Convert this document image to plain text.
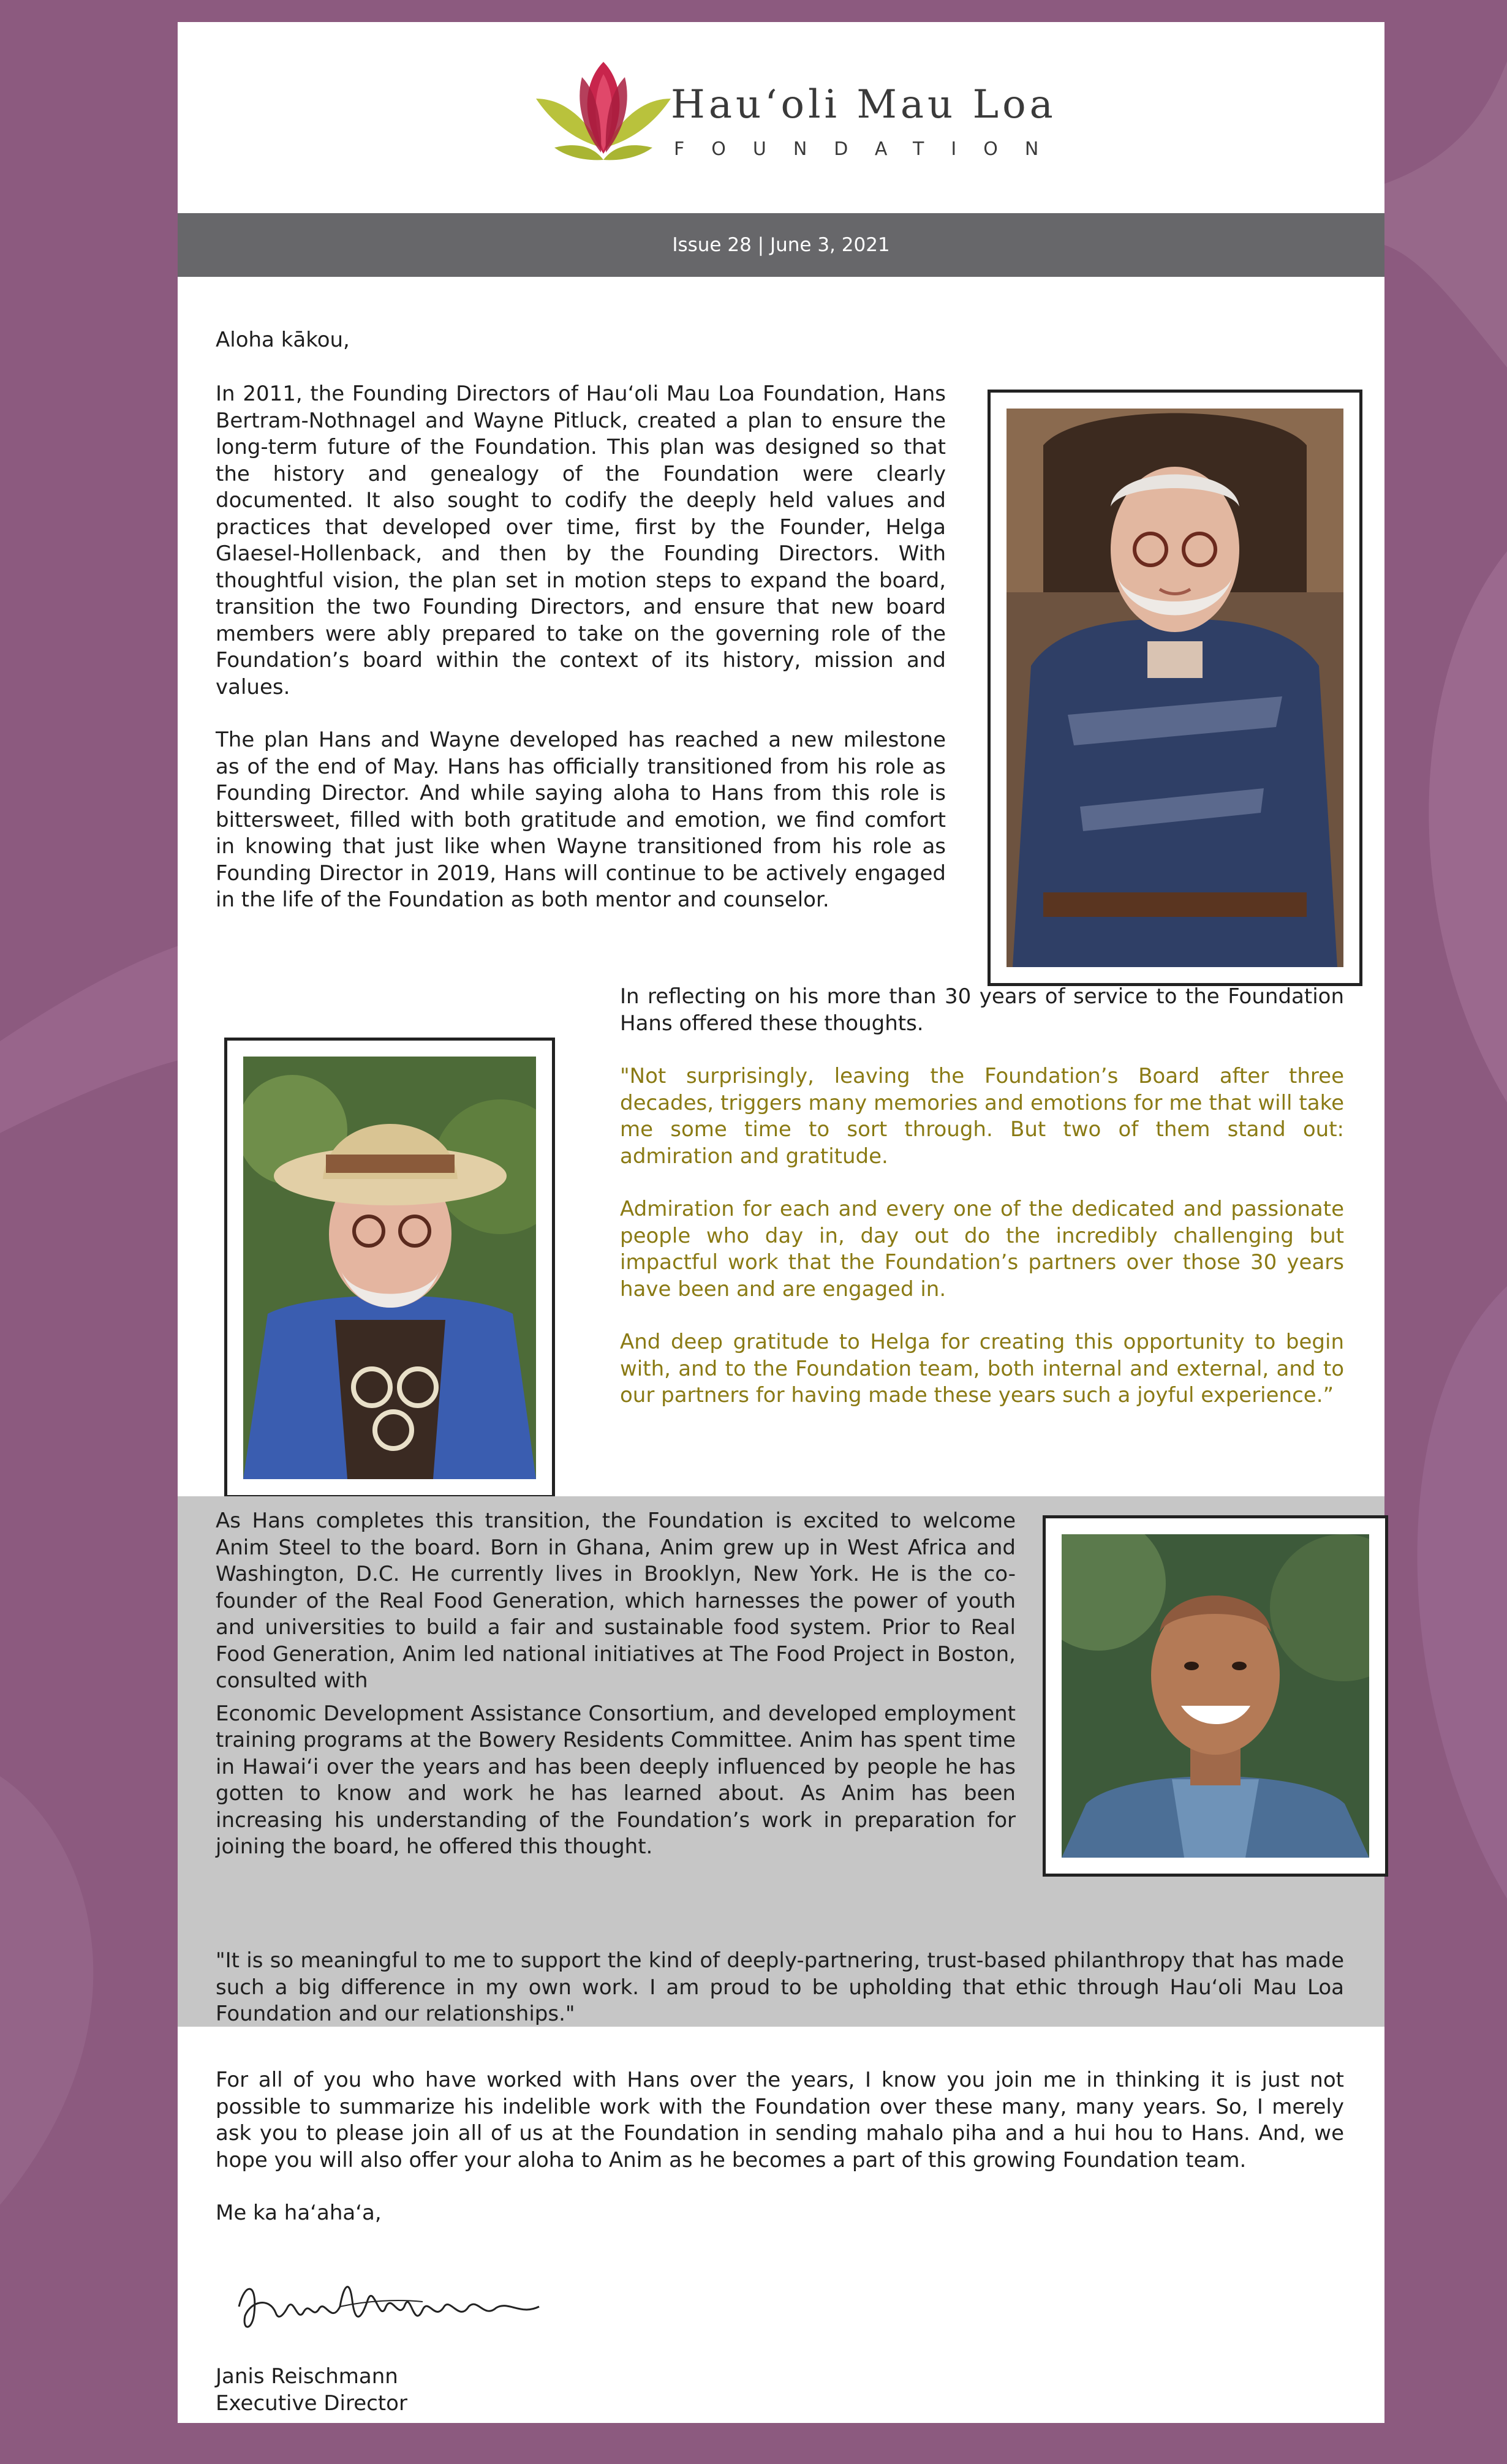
Hau‘oli Mau Loa
FOUNDATION
Issue 28 | June 3, 2021
Aloha kākou,

In 2011, the Founding Directors of Hau‘oli Mau Loa Foundation, Hans Bertram-Nothnagel and Wayne Pitluck, created a plan to ensure the long-term future of the Foundation. This plan was designed so that the history and genealogy of the Foundation were clearly documented. It also sought to codify the deeply held values and practices that developed over time, first by the Founder, Helga Glaesel-Hollenback, and then by the Founding Directors. With thoughtful vision, the plan set in motion steps to expand the board, transition the two Founding Directors, and ensure that new board members were ably prepared to take on the governing role of the Foundation’s board within the context of its history, mission and values.

The plan Hans and Wayne developed has reached a new milestone as of the end of May. Hans has officially transitioned from his role as Founding Director. And while saying aloha to Hans from this role is bittersweet, filled with both gratitude and emotion, we find comfort in knowing that just like when Wayne transitioned from his role as Founding Director in 2019, Hans will continue to be actively engaged in the life of the Foundation as both mentor and counselor.

In reflecting on his more than 30 years of service to the Foundation Hans offered these thoughts.

"Not surprisingly, leaving the Foundation’s Board after three decades, triggers many memories and emotions for me that will take me some time to sort through. But two of them stand out: admiration and gratitude.

Admiration for each and every one of the dedicated and passionate people who day in, day out do the incredibly challenging but impactful work that the Foundation’s partners over those 30 years have been and are engaged in.

And deep gratitude to Helga for creating this opportunity to begin with, and to the Foundation team, both internal and external, and to our partners for having made these years such a joyful experience.”

As Hans completes this transition, the Foundation is excited to welcome Anim Steel to the board. Born in Ghana, Anim grew up in West Africa and Washington, D.C. He currently lives in Brooklyn, New York. He is the co-founder of the Real Food Generation, which harnesses the power of youth and universities to build a fair and sustainable food system. Prior to Real Food Generation, Anim led national initiatives at The Food Project in Boston, consulted with

Economic Development Assistance Consortium, and developed employment training programs at the Bowery Residents Committee. Anim has spent time in Hawai‘i over the years and has been deeply influenced by people he has gotten to know and work he has learned about. As Anim has been increasing his understanding of the Foundation’s work in preparation for joining the board, he offered this thought.

"It is so meaningful to me to support the kind of deeply-partnering, trust-based philanthropy that has made such a big difference in my own work. I am proud to be upholding that ethic through Hau‘oli Mau Loa Foundation and our relationships."

For all of you who have worked with Hans over the years, I know you join me in thinking it is just not possible to summarize his indelible work with the Foundation over these many, many years. So, I merely ask you to please join all of us at the Foundation in sending mahalo piha and a hui hou to Hans. And, we hope you will also offer your aloha to Anim as he becomes a part of this growing Foundation team.

Me ka ha‘aha‘a,

Janis Reischmann

Executive Director
